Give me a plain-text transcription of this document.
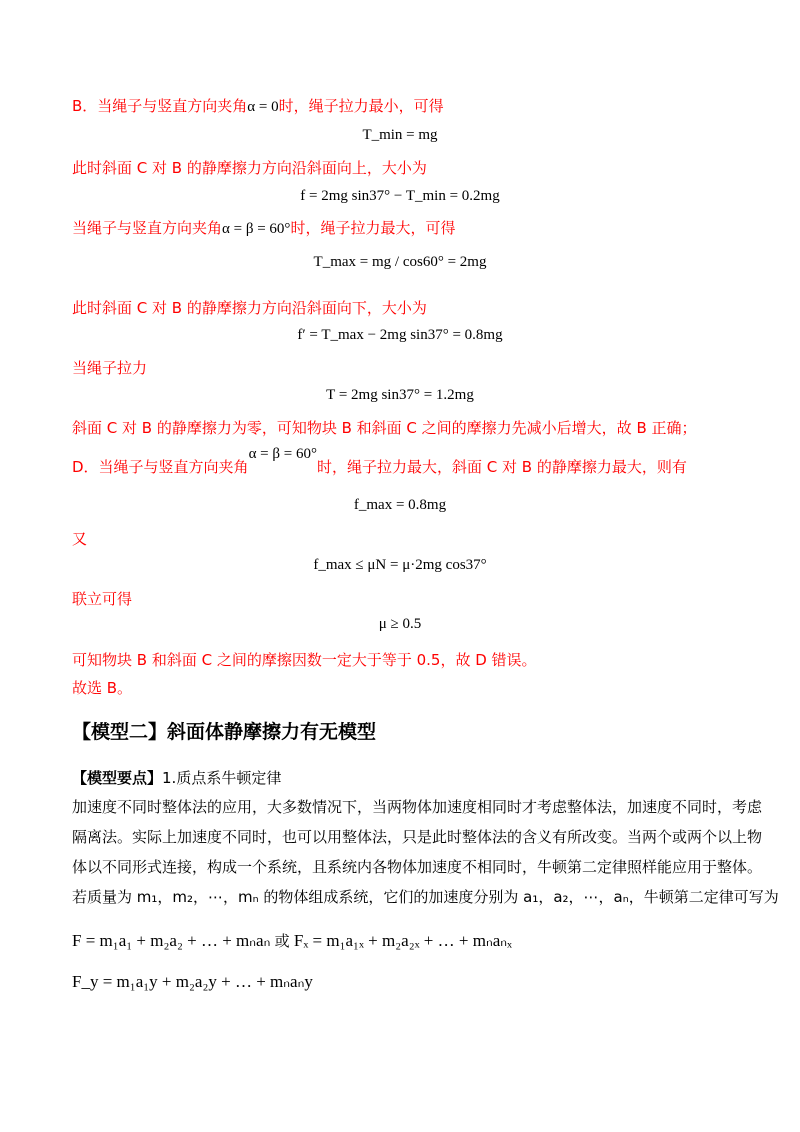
B．当绳子与竖直方向夹角α = 0时，绳子拉力最小，可得
T_min = mg
此时斜面 C 对 B 的静摩擦力方向沿斜面向上，大小为
f = 2mg sin37° − T_min = 0.2mg
当绳子与竖直方向夹角α = β = 60°时，绳子拉力最大，可得
T_max = mg / cos60° = 2mg
此时斜面 C 对 B 的静摩擦力方向沿斜面向下，大小为
f′ = T_max − 2mg sin37° = 0.8mg
当绳子拉力
T = 2mg sin37° = 1.2mg
斜面 C 对 B 的静摩擦力为零，可知物块 B 和斜面 C 之间的摩擦力先减小后增大，故 B 正确；
D．当绳子与竖直方向夹角α = β = 60°时，绳子拉力最大，斜面 C 对 B 的静摩擦力最大，则有
f_max = 0.8mg
又
f_max ≤ μN = μ·2mg cos37°
联立可得
μ ≥ 0.5
可知物块 B 和斜面 C 之间的摩擦因数一定大于等于 0.5，故 D 错误。
故选 B。
【模型二】斜面体静摩擦力有无模型
【模型要点】1.质点系牛顿定律
加速度不同时整体法的应用，大多数情况下，当两物体加速度相同时才考虑整体法，加速度不同时，考虑
隔离法。实际上加速度不同时，也可以用整体法，只是此时整体法的含义有所改变。当两个或两个以上物
体以不同形式连接，构成一个系统，且系统内各物体加速度不相同时，牛顿第二定律照样能应用于整体。
若质量为 m₁，m₂，⋯，mₙ 的物体组成系统，它们的加速度分别为 a₁，a₂，⋯，aₙ，牛顿第二定律可写为
F = m₁a₁ + m₂a₂ + … + mₙaₙ 或 Fₓ = m₁a₁ₓ + m₂a₂ₓ + … + mₙaₙₓ
F_y = m₁a₁y + m₂a₂y + … + mₙaₙy
